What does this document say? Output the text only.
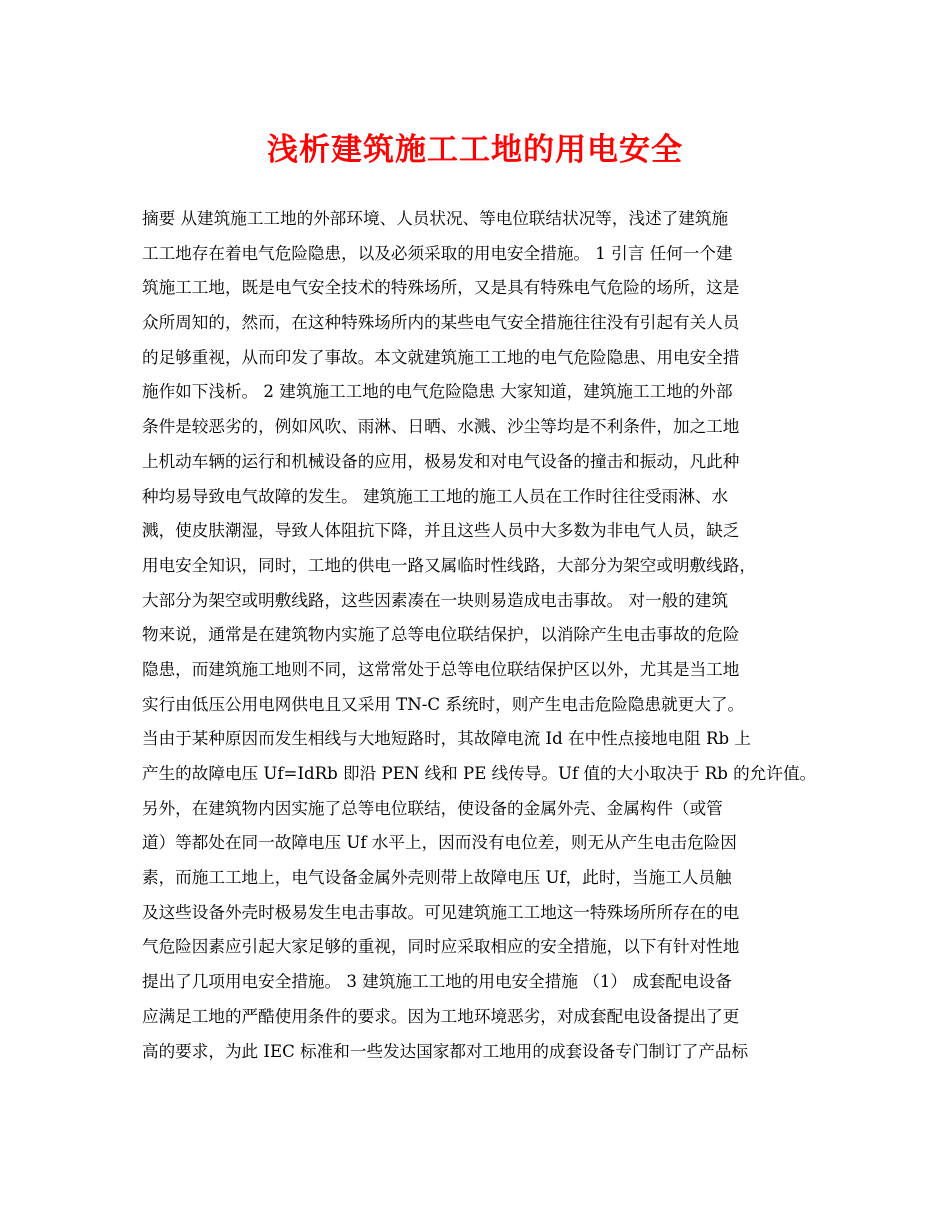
浅析建筑施工工地的用电安全
摘要 从建筑施工工地的外部环境、人员状况、等电位联结状况等，浅述了建筑施
工工地存在着电气危险隐患，以及必须采取的用电安全措施。 1 引言 任何一个建
筑施工工地，既是电气安全技术的特殊场所，又是具有特殊电气危险的场所，这是
众所周知的，然而，在这种特殊场所内的某些电气安全措施往往没有引起有关人员
的足够重视，从而印发了事故。本文就建筑施工工地的电气危险隐患、用电安全措
施作如下浅析。 2 建筑施工工地的电气危险隐患 大家知道，建筑施工工地的外部
条件是较恶劣的，例如风吹、雨淋、日晒、水溅、沙尘等均是不利条件，加之工地
上机动车辆的运行和机械设备的应用，极易发和对电气设备的撞击和振动，凡此种
种均易导致电气故障的发生。 建筑施工工地的施工人员在工作时往往受雨淋、水
溅，使皮肤潮湿，导致人体阻抗下降，并且这些人员中大多数为非电气人员，缺乏
用电安全知识，同时，工地的供电一路又属临时性线路，大部分为架空或明敷线路，
大部分为架空或明敷线路，这些因素凑在一块则易造成电击事故。 对一般的建筑
物来说，通常是在建筑物内实施了总等电位联结保护，以消除产生电击事故的危险
隐患，而建筑施工地则不同，这常常处于总等电位联结保护区以外，尤其是当工地
实行由低压公用电网供电且又采用 TN-C 系统时，则产生电击危险隐患就更大了。
当由于某种原因而发生相线与大地短路时，其故障电流 Id 在中性点接地电阻 Rb 上
产生的故障电压 Uf=IdRb 即沿 PEN 线和 PE 线传导。Uf 值的大小取决于 Rb 的允许值。
另外，在建筑物内因实施了总等电位联结，使设备的金属外壳、金属构件（或管
道）等都处在同一故障电压 Uf 水平上，因而没有电位差，则无从产生电击危险因
素，而施工工地上，电气设备金属外壳则带上故障电压 Uf，此时，当施工人员触
及这些设备外壳时极易发生电击事故。可见建筑施工工地这一特殊场所所存在的电
气危险因素应引起大家足够的重视，同时应采取相应的安全措施，以下有针对性地
提出了几项用电安全措施。 3 建筑施工工地的用电安全措施 （1） 成套配电设备
应满足工地的严酷使用条件的要求。因为工地环境恶劣，对成套配电设备提出了更
高的要求，为此 IEC 标准和一些发达国家都对工地用的成套设备专门制订了产品标
